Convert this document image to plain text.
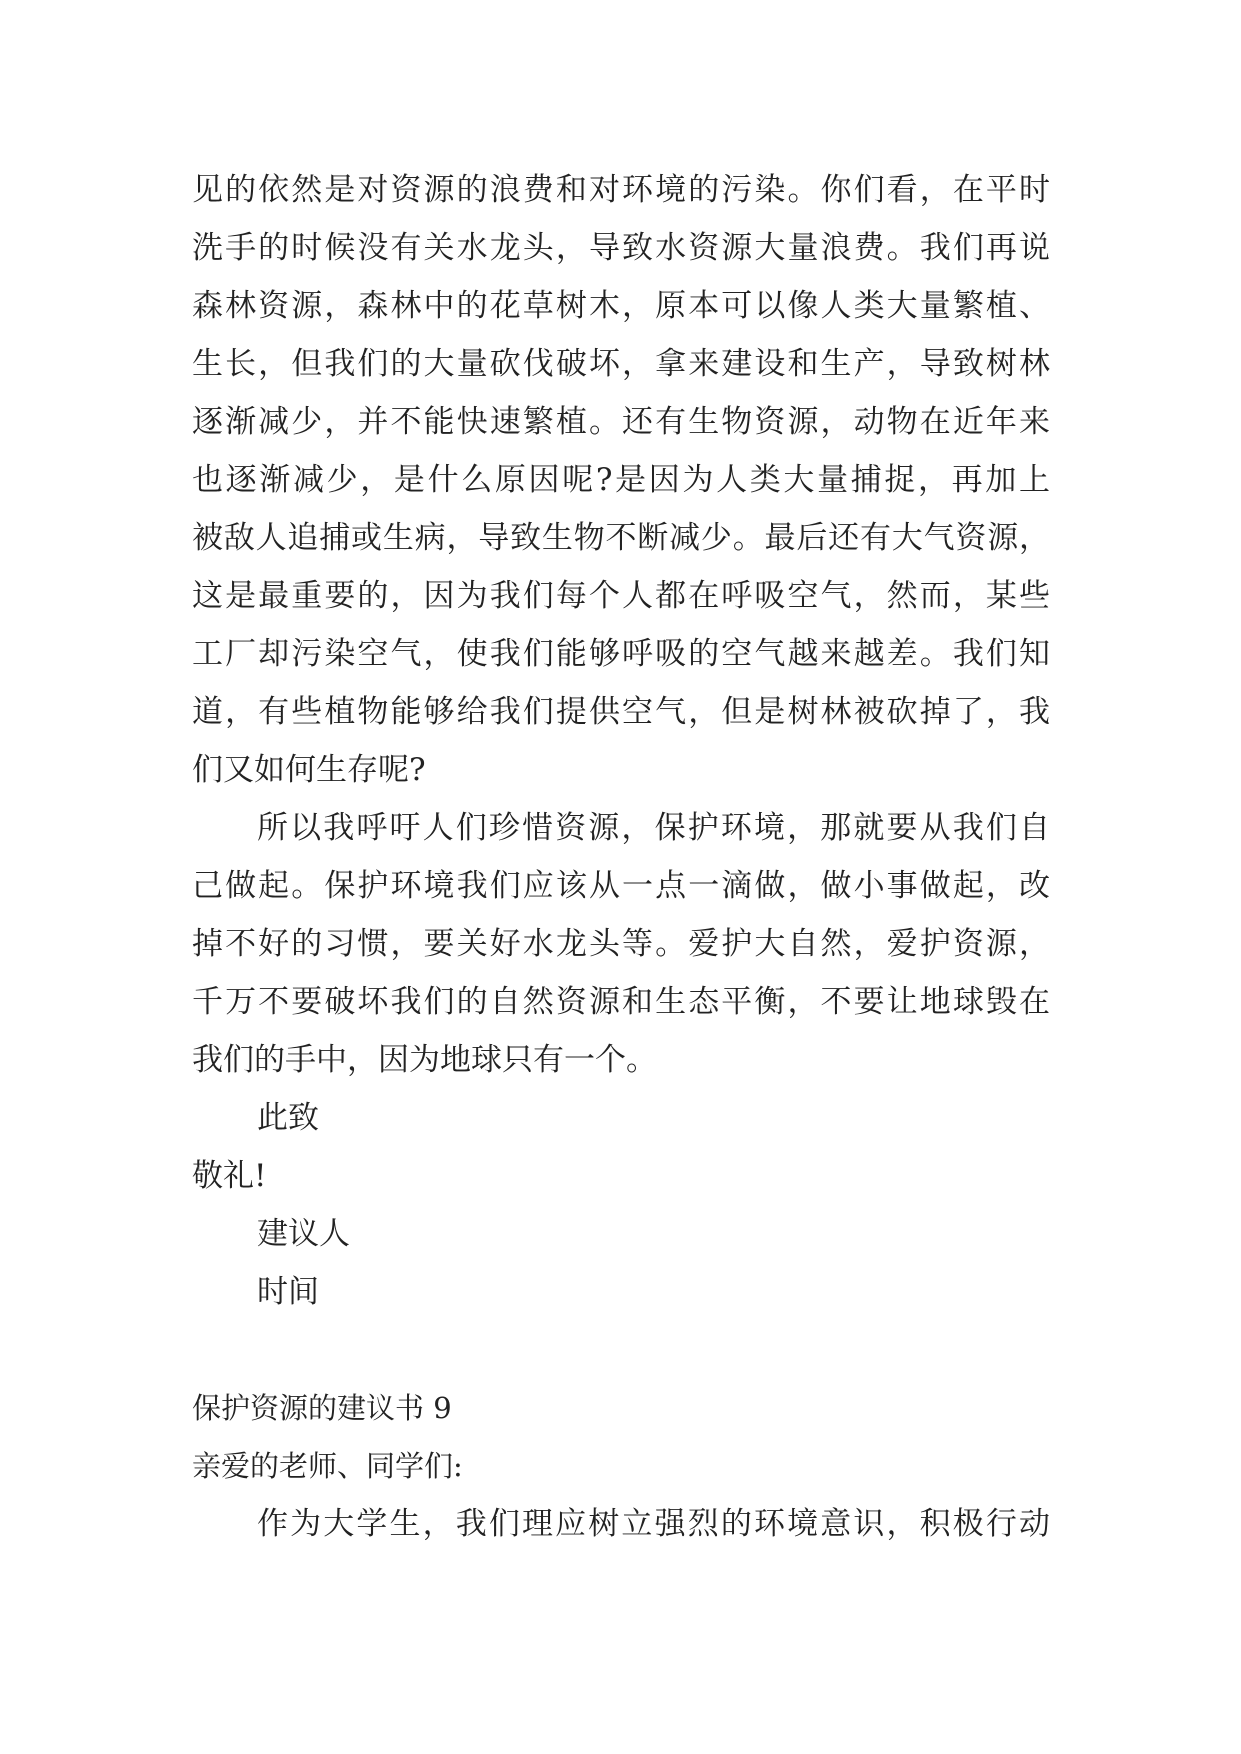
见的依然是对资源的浪费和对环境的污染。你们看，在平时
洗手的时候没有关水龙头，导致水资源大量浪费。我们再说
森林资源，森林中的花草树木，原本可以像人类大量繁植、
生长，但我们的大量砍伐破坏，拿来建设和生产，导致树林
逐渐减少，并不能快速繁植。还有生物资源，动物在近年来
也逐渐减少，是什么原因呢?是因为人类大量捕捉，再加上
被敌人追捕或生病，导致生物不断减少。最后还有大气资源，
这是最重要的，因为我们每个人都在呼吸空气，然而，某些
工厂却污染空气，使我们能够呼吸的空气越来越差。我们知
道，有些植物能够给我们提供空气，但是树林被砍掉了，我
们又如何生存呢?
所以我呼吁人们珍惜资源，保护环境，那就要从我们自
己做起。保护环境我们应该从一点一滴做，做小事做起，改
掉不好的习惯，要关好水龙头等。爱护大自然，爱护资源，
千万不要破坏我们的自然资源和生态平衡，不要让地球毁在
我们的手中，因为地球只有一个。
此致
敬礼!
建议人
时间
保护资源的建议书 9
亲爱的老师、同学们:
作为大学生，我们理应树立强烈的环境意识，积极行动
